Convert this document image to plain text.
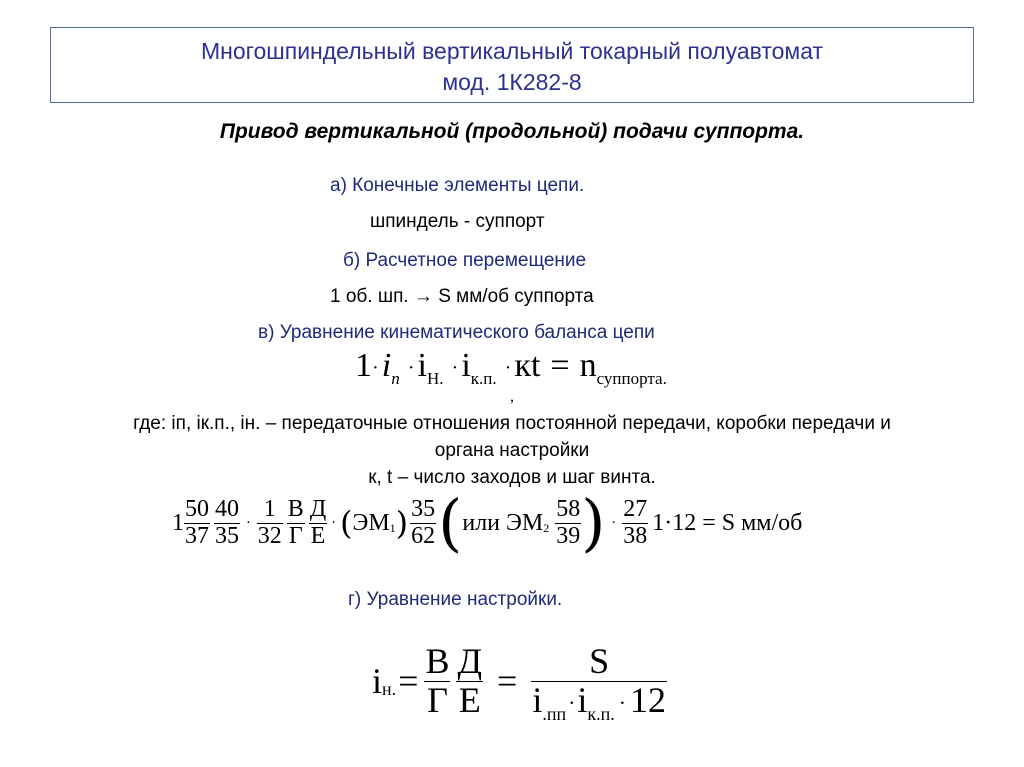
Многошпиндельный вертикальный токарный полуавтомат
мод. 1К282-8
Привод вертикальной (продольной) подачи суппорта.
а) Конечные элементы цепи.
шпиндель - суппорт
б) Расчетное перемещение
1 об. шп. → S мм/об суппорта
в) Уравнение кинематического баланса цепи
$1\cdot i_n \cdot i_{Н.} \cdot i_{к.п.} \cdot кt = n_{суппорта.}$
,
где: iп, iк.п., iн. – передаточные отношения постоянной передачи, коробки передачи и
органа настройки
к, t – число заходов и шаг винта.
$1 \frac{50}{37} \frac{40}{35} \cdot \frac{1}{32} \frac{В}{Г} \frac{Д}{Е}$ · ( ЭМ 1 ) $\frac{35}{62}$ ( или ЭМ $2 \frac{58}{39}$ ) · $\frac{27}{38} 1\cdot 12 = S$ мм/об
г) Уравнение настройки.
i н. = $\frac{В}{Г} \frac{Д}{Е} = \frac{S}{i_{.пп}\cdot i_{к.п.} \cdot 12}$
